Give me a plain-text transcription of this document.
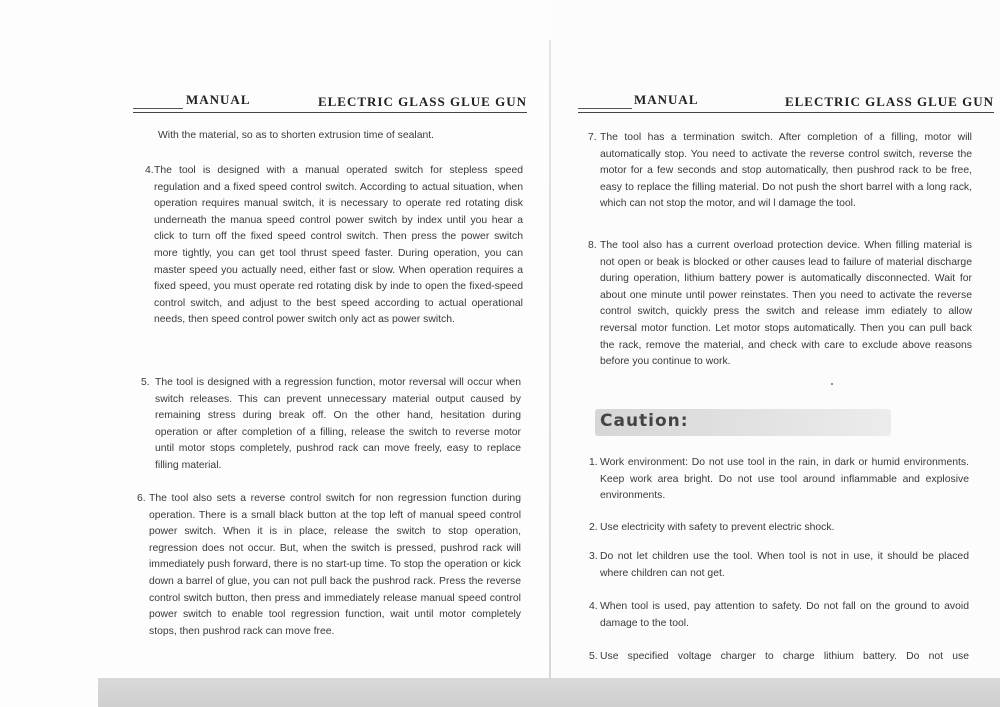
MANUAL	ELECTRIC GLASS GLUE GUN
With the material, so as to shorten extrusion time of sealant.
4. The tool is designed with a manual operated switch for stepless speed regulation and a fixed speed control switch. According to actual situation, when operation requires manual switch, it is necessary to operate red rotating disk underneath the manua speed control power switch by index until you hear a click to turn off the fixed speed control switch. Then press the power switch more tightly, you can get tool thrust speed faster. During operation, you can master speed you actually need, either fast or slow. When operation requires a fixed speed, you must operate red rotating disk by inde to open the fixed-speed control switch, and adjust to the best speed according to actual operational needs, then speed control power switch only act as power switch.
5. The tool is designed with a regression function, motor reversal will occur when switch releases. This can prevent unnecessary material output caused by remaining stress during break off. On the other hand, hesitation during operation or after completion of a filling, release the switch to reverse motor until motor stops completely, pushrod rack can move freely, easy to replace filling material.
6. The tool also sets a reverse control switch for non regression function during operation. There is a small black button at the top left of manual speed control power switch. When it is in place, release the switch to stop operation, regression does not occur. But, when the switch is pressed, pushrod rack will immediately push forward, there is no start-up time. To stop the operation or kick down a barrel of glue, you can not pull back the pushrod rack. Press the reverse control switch button, then press and immediately release manual speed control power switch to enable tool regression function, wait until motor completely stops, then pushrod rack can move free.
MANUAL	ELECTRIC GLASS GLUE GUN
7. The tool has a termination switch. After completion of a filling, motor will automatically stop. You need to activate the reverse control switch, reverse the motor for a few seconds and stop automatically, then pushrod rack to be free, easy to replace the filling material. Do not push the short barrel with a long rack, which can not stop the motor, and wil l damage the tool.
8. The tool also has a current overload protection device. When filling material is not open or beak is blocked or other causes lead to failure of material discharge during operation, lithium battery power is automatically disconnected. Wait for about one minute until power reinstates. Then you need to activate the reverse control switch, quickly press the switch and release imm ediately to allow reversal motor function. Let motor stops automatically. Then you can pull back the rack, remove the material, and check with care to exclude above reasons before you continue to work.
Caution:
1. Work environment: Do not use tool in the rain, in dark or humid environments. Keep work area bright. Do not use tool around inflammable and explosive environments.
2. Use electricity with safety to prevent electric shock.
3. Do not let children use the tool. When tool is not in use, it should be placed where children can not get.
4. When tool is used, pay attention to safety. Do not fall on the ground to avoid damage to the tool.
5. Use specified voltage charger to charge lithium battery. Do not use
